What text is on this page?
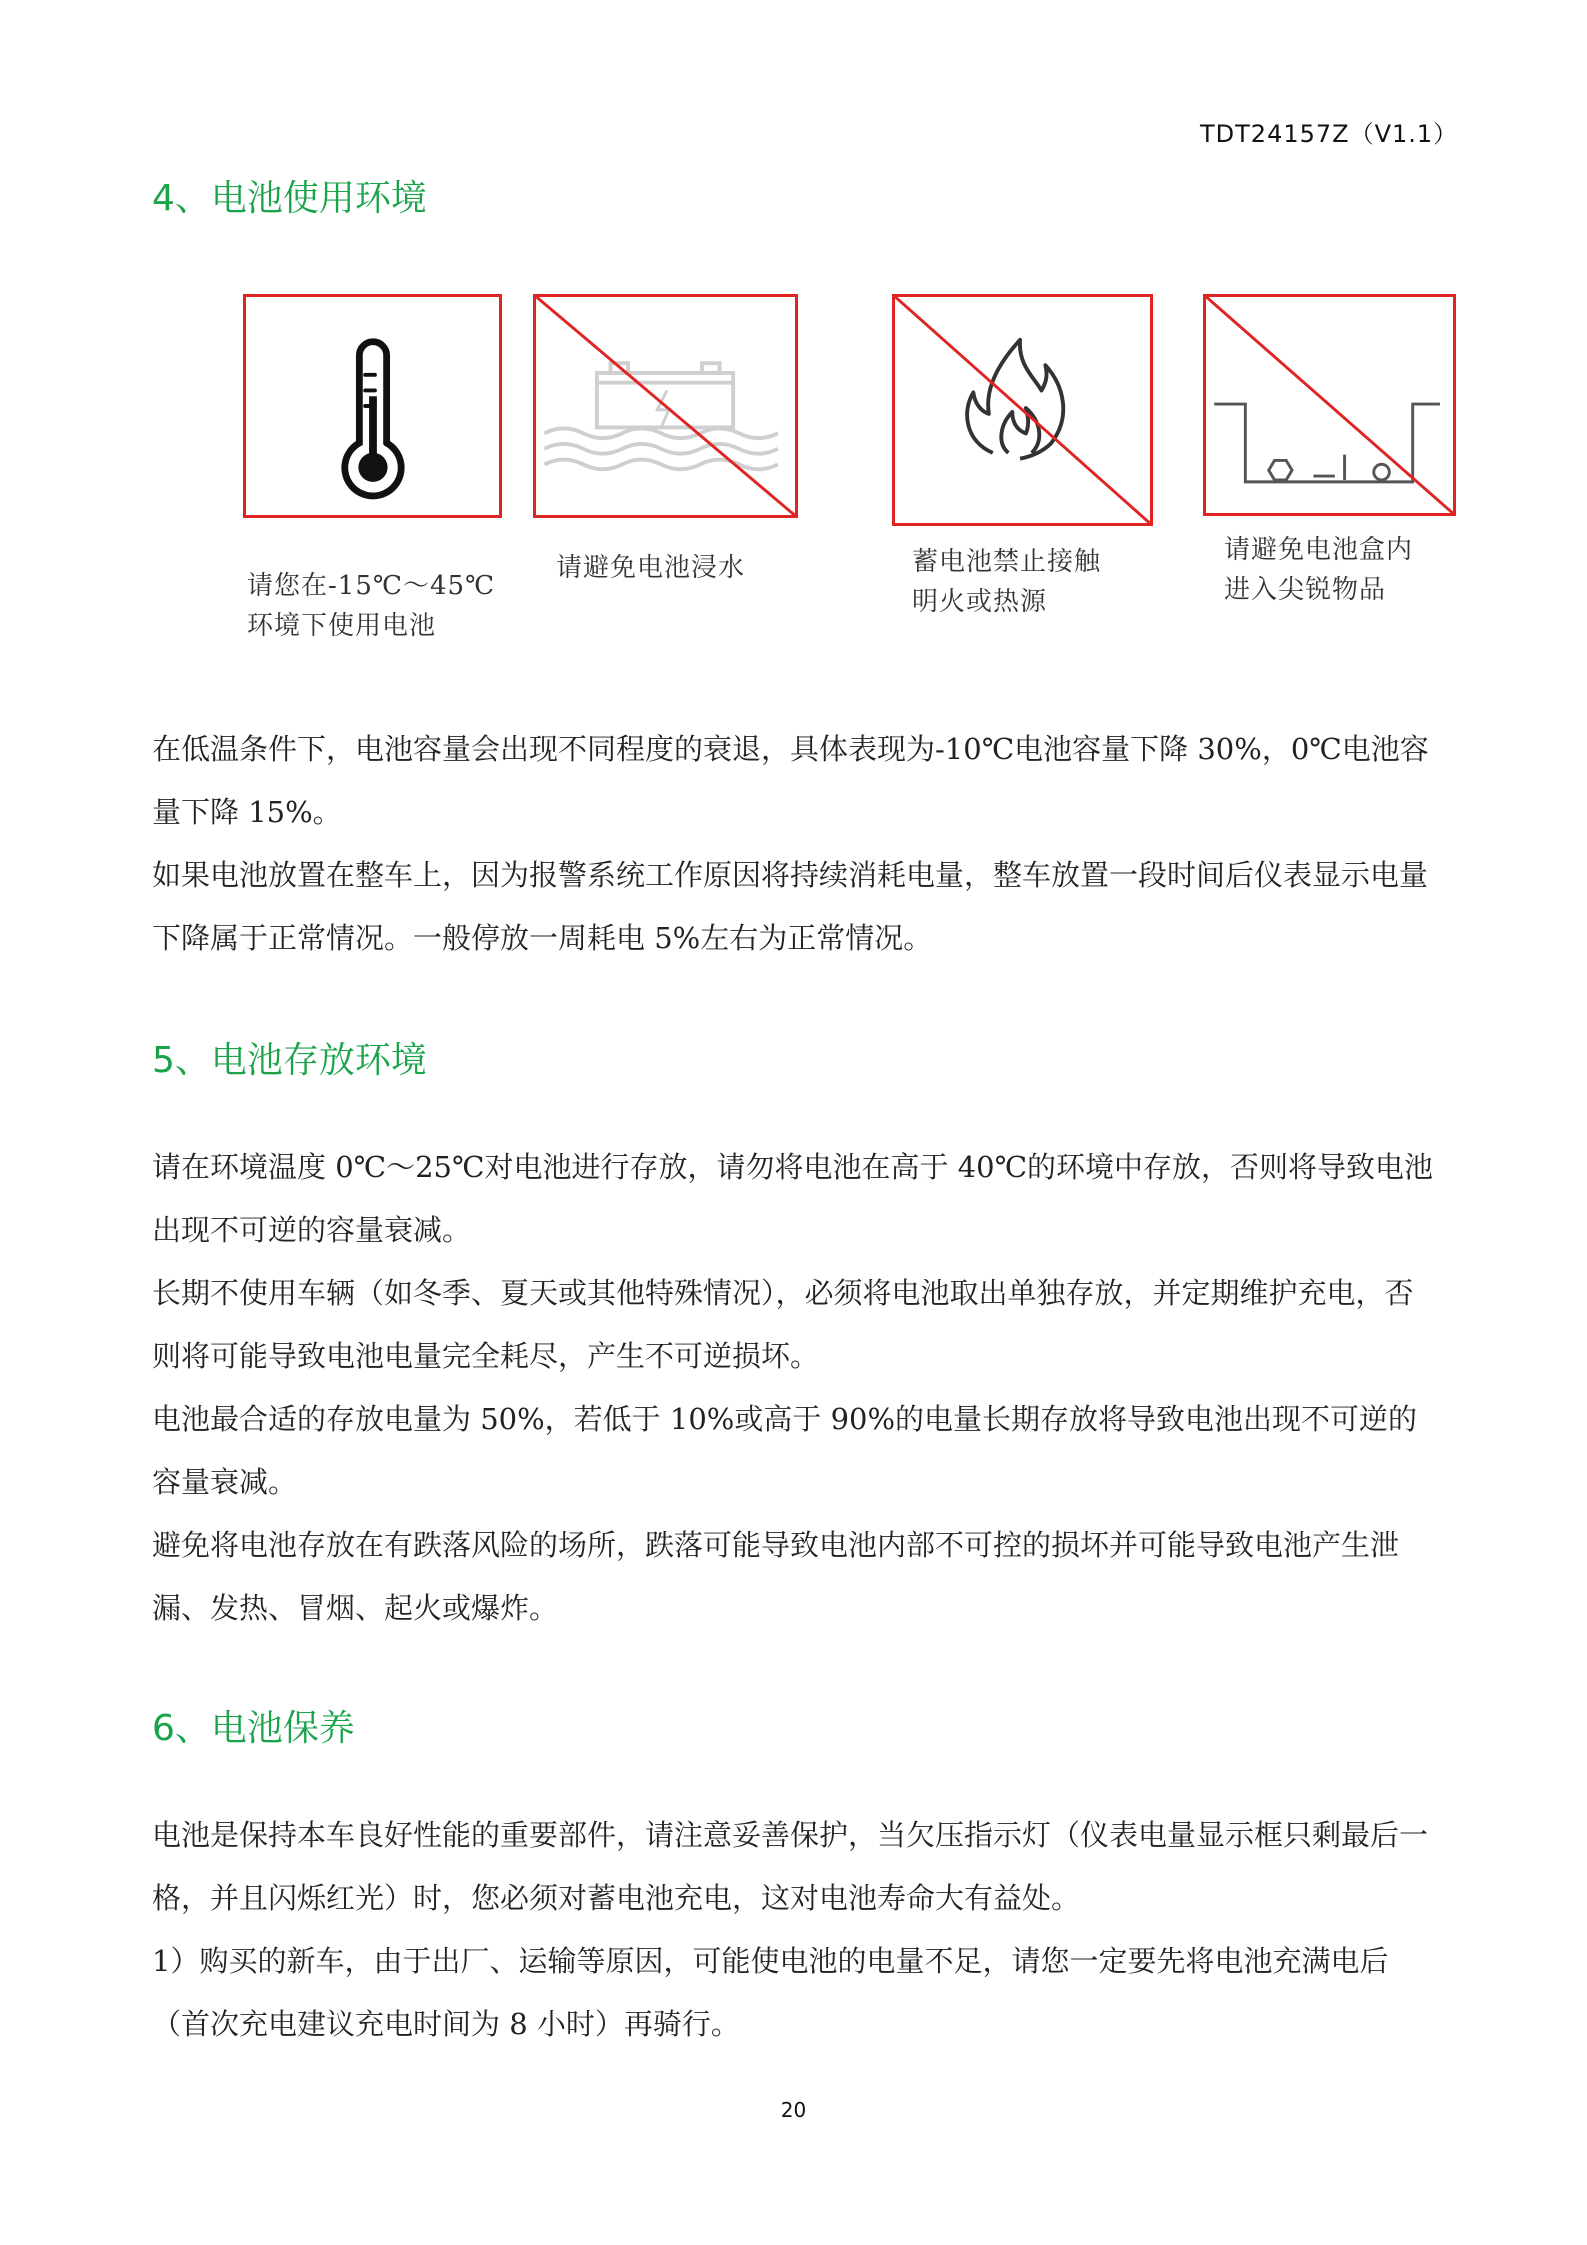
TDT24157Z（V1.1）
4、电池使用环境
请您在-15℃～45℃
环境下使用电池
请避免电池浸水	蓄电池禁止接触
明火或热源
请避免电池盒内
进入尖锐物品

在低温条件下，电池容量会出现不同程度的衰退，具体表现为-10℃电池容量下降 30%，0℃电池容量下降 15%。

如果电池放置在整车上，因为报警系统工作原因将持续消耗电量，整车放置一段时间后仪表显示电量下降属于正常情况。一般停放一周耗电 5%左右为正常情况。

5、电池存放环境

请在环境温度 0℃～25℃对电池进行存放，请勿将电池在高于 40℃的环境中存放，否则将导致电池出现不可逆的容量衰减。

长期不使用车辆（如冬季、夏天或其他特殊情况），必须将电池取出单独存放，并定期维护充电，否则将可能导致电池电量完全耗尽，产生不可逆损坏。

电池最合适的存放电量为 50%，若低于 10%或高于 90%的电量长期存放将导致电池出现不可逆的容量衰减。

避免将电池存放在有跌落风险的场所，跌落可能导致电池内部不可控的损坏并可能导致电池产生泄漏、发热、冒烟、起火或爆炸。

6、电池保养

电池是保持本车良好性能的重要部件，请注意妥善保护，当欠压指示灯（仪表电量显示框只剩最后一格，并且闪烁红光）时，您必须对蓄电池充电，这对电池寿命大有益处。

1）购买的新车，由于出厂、运输等原因，可能使电池的电量不足，请您一定要先将电池充满电后（首次充电建议充电时间为 8 小时）再骑行。

20
